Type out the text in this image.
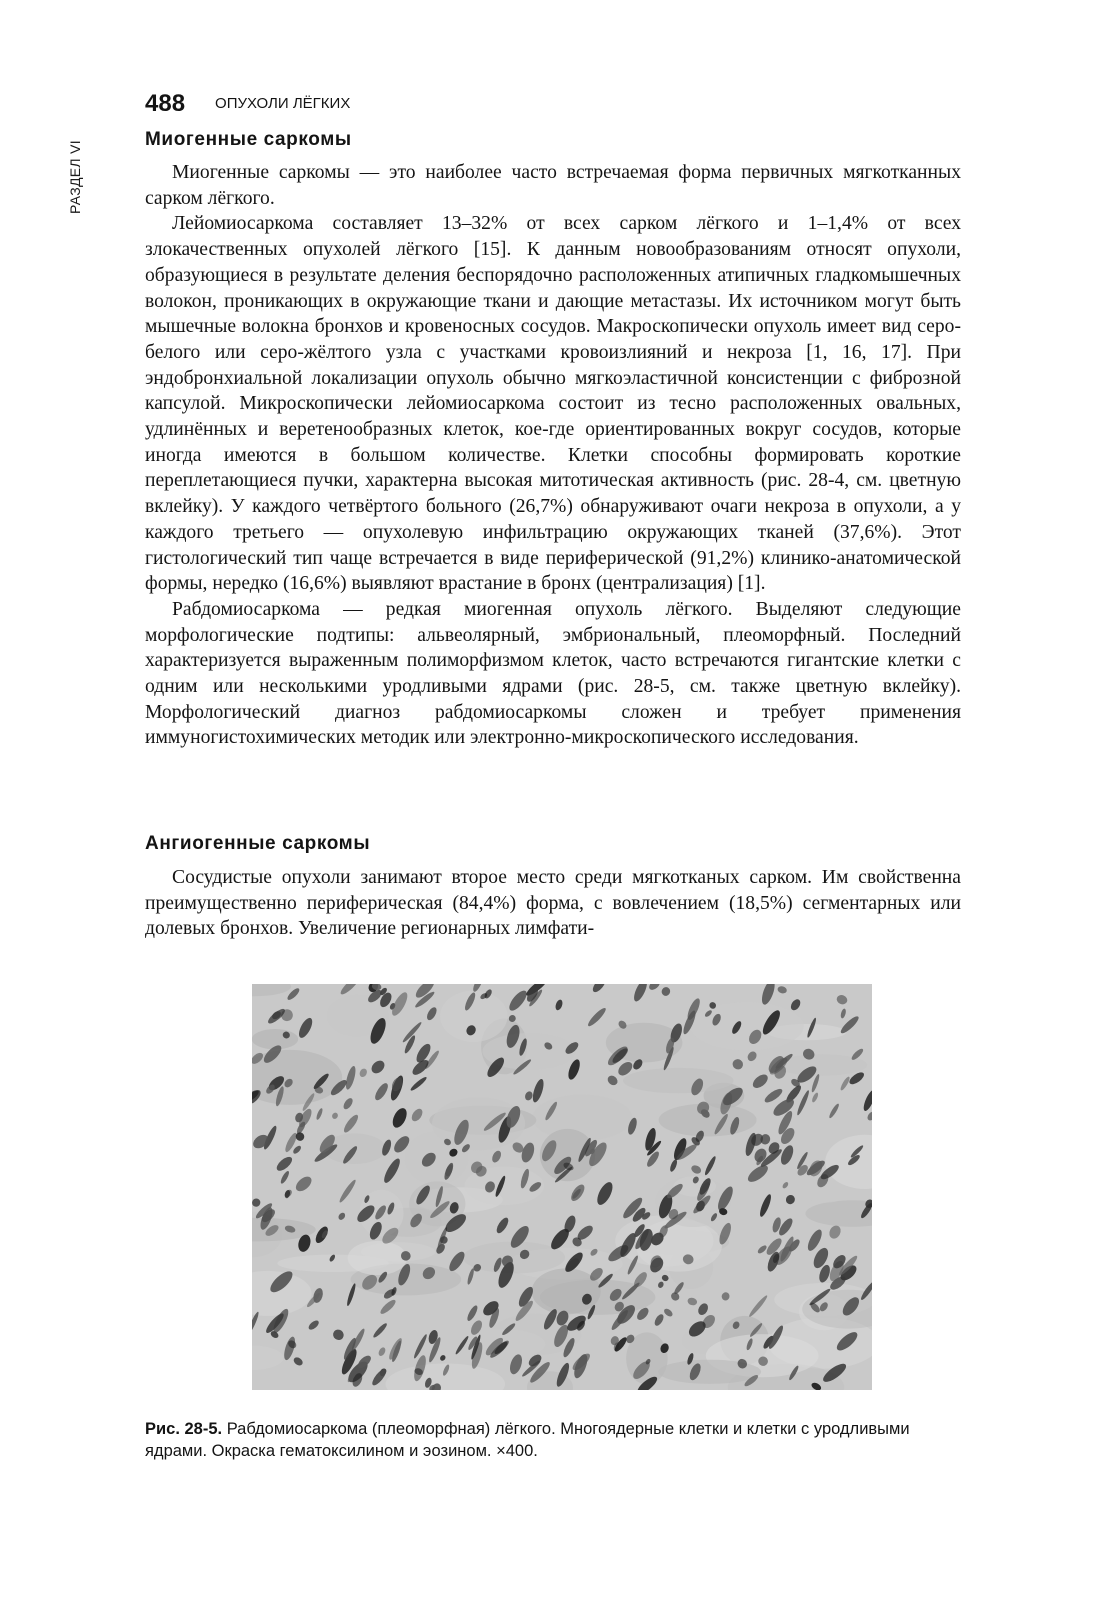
РАЗДЕЛ VI
488 ОПУХОЛИ ЛЁГКИХ
Миогенные саркомы

Миогенные саркомы — это наиболее часто встречаемая форма первичных мягкотканных сарком лёгкого.

Лейомиосаркома составляет 13–32% от всех сарком лёгкого и 1–1,4% от всех злокачественных опухолей лёгкого [15]. К данным новообразованиям относят опухоли, образующиеся в результате деления беспорядочно расположенных атипичных гладкомышечных волокон, проникающих в окружающие ткани и дающие метастазы. Их источником могут быть мышечные волокна бронхов и кровеносных сосудов. Макроскопически опухоль имеет вид серо-белого или серо-жёлтого узла с участками кровоизлияний и некроза [1, 16, 17]. При эндобронхиальной локализации опухоль обычно мягкоэластичной консистенции с фиброзной капсулой. Микроскопически лейомиосаркома состоит из тесно расположенных овальных, удлинённых и веретенообразных клеток, кое-где ориентированных вокруг сосудов, которые иногда имеются в большом количестве. Клетки способны формировать короткие переплетающиеся пучки, характерна высокая митотическая активность (рис. 28-4, см. цветную вклейку). У каждого четвёртого больного (26,7%) обнаруживают очаги некроза в опухоли, а у каждого третьего — опухолевую инфильтрацию окружающих тканей (37,6%). Этот гистологический тип чаще встречается в виде периферической (91,2%) клинико-анатомической формы, нередко (16,6%) выявляют врастание в бронх (централизация) [1].

Рабдомиосаркома — редкая миогенная опухоль лёгкого. Выделяют следующие морфологические подтипы: альвеолярный, эмбриональный, плеоморфный. Последний характеризуется выраженным полиморфизмом клеток, часто встречаются гигантские клетки с одним или несколькими уродливыми ядрами (рис. 28-5, см. также цветную вклейку). Морфологический диагноз рабдомиосаркомы сложен и требует применения иммуногистохимических методик или электронно-микроскопического исследования.

Ангиогенные саркомы

Сосудистые опухоли занимают второе место среди мягкотканых сарком. Им свойственна преимущественно периферическая (84,4%) форма, с вовлечением (18,5%) сегментарных или долевых бронхов. Увеличение регионарных лимфати-

Рис. 28-5. Рабдомиосаркома (плеоморфная) лёгкого. Многоядерные клетки и клетки с уродливыми ядрами. Окраска гематоксилином и эозином. ×400.
